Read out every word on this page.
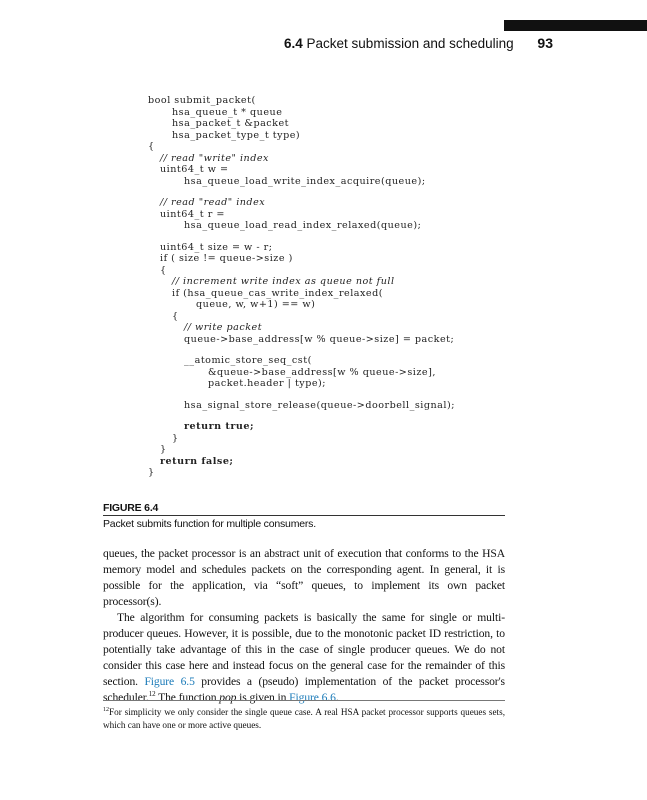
6.4 Packet submission and scheduling 93
bool submit_packet(
hsa_queue_t * queue
hsa_packet_t &packet
hsa_packet_type_t type)
{
// read "write" index
uint64_t w =
hsa_queue_load_write_index_acquire(queue);
// read "read" index
uint64_t r =
hsa_queue_load_read_index_relaxed(queue);
uint64_t size = w - r;
if ( size != queue->size )
{
// increment write index as queue not full
if (hsa_queue_cas_write_index_relaxed(
queue, w, w+1) == w)
{
// write packet
queue->base_address[w % queue->size] = packet;
__atomic_store_seq_cst(
&queue->base_address[w % queue->size],
packet.header | type);
hsa_signal_store_release(queue->doorbell_signal);
return true;
}
}
return false;
}
FIGURE 6.4
Packet submits function for multiple consumers.

queues, the packet processor is an abstract unit of execution that conforms to the HSA memory model and schedules packets on the corresponding agent. In general, it is possible for the application, via “soft” queues, to implement its own packet processor(s).

The algorithm for consuming packets is basically the same for single or multi-producer queues. However, it is possible, due to the monotonic packet ID restriction, to potentially take advantage of this in the case of single producer queues. We do not consider this case here and instead focus on the general case for the remainder of this section. Figure 6.5 provides a (pseudo) implementation of the packet processor's scheduler.$^{12}$ The function pop is given in Figure 6.6.

$^{12}$For simplicity we only consider the single queue case. A real HSA packet processor supports queues sets, which can have one or more active queues.
